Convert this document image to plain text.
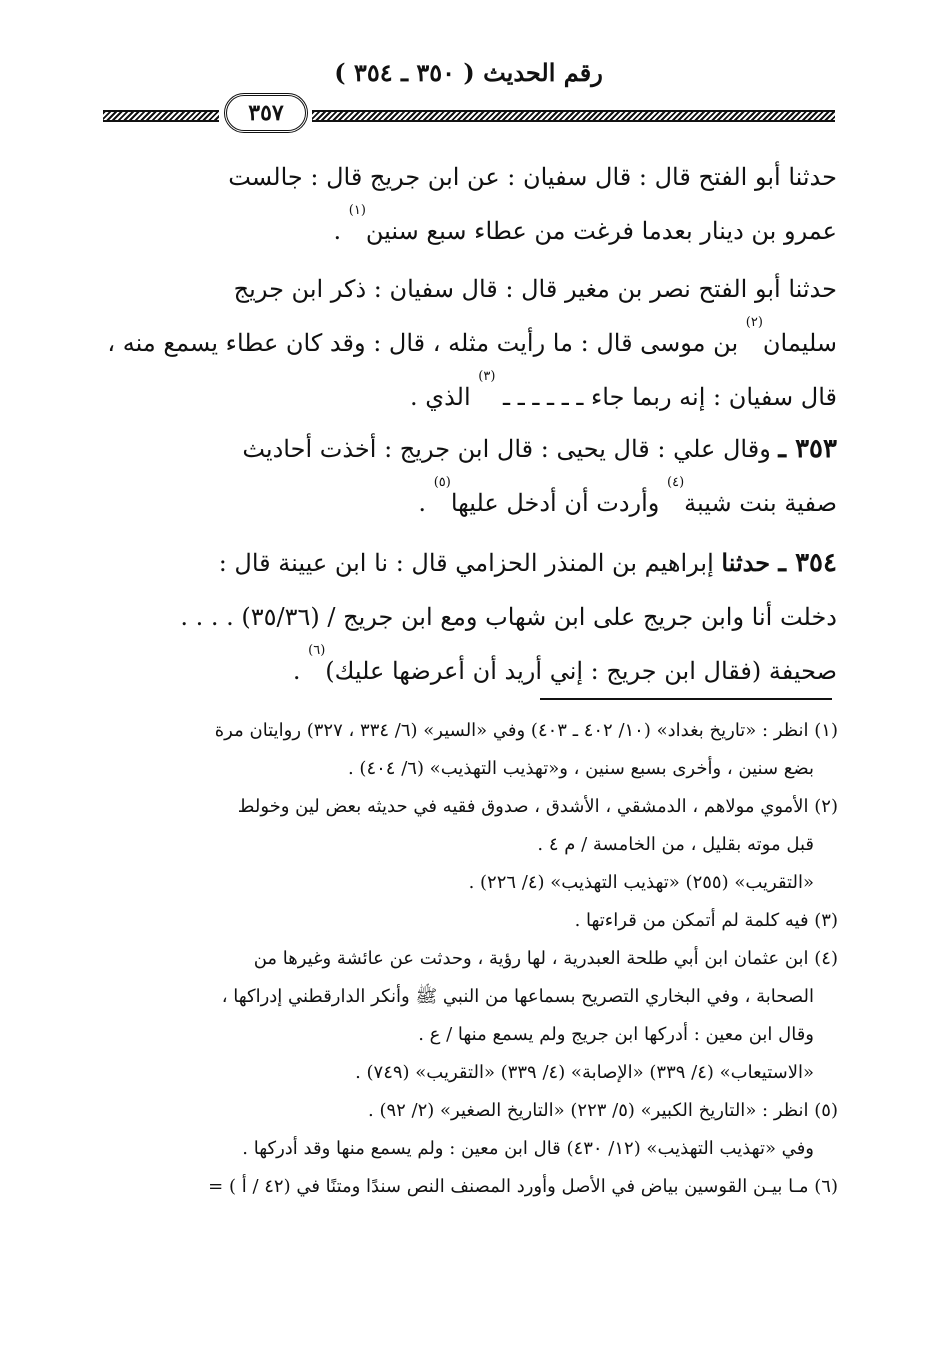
رقم الحديث ( ٣٥٠ ـ ٣٥٤ )
٣٥٧

حدثنا أبو الفتح قال : قال سفيان : عن ابن جريج قال : جالست

عمرو بن دينار بعدما فرغت من عطاء سبع سنين$^{(١)}$ .

حدثنا أبو الفتح نصر بن مغير قال : قال سفيان : ذكر ابن جريج

سليمان$^{(٢)}$ بن موسى قال : ما رأيت مثله ، قال : وقد كان عطاء يسمع منه ،

قال سفيان : إنه ربما جاء ـ ـ ـ ـ ـ ـ $^{(٣)}$ الذي .

٣٥٣ ـ وقال علي : قال يحيى : قال ابن جريج : أخذت أحاديث

صفية بنت شيبة$^{(٤)}$ وأردت أن أدخل عليها$^{(٥)}$ .

٣٥٤ ـ حدثنا إبراهيم بن المنذر الحزامي قال : نا ابن عيينة قال :

دخلت أنا وابن جريج على ابن شهاب ومع ابن جريج / (٣٥/٣٦) . . . .

صحيفة (فقال ابن جريج : إني أريد أن أعرضها عليك)$^{(٦)}$ .

(١) انظر : «تاريخ بغداد» (١٠/ ٤٠٢ ـ ٤٠٣) وفي «السير» (٦/ ٣٣٤ ، ٣٢٧) روايتان مرة
بضع سنين ، وأخرى بسبع سنين ، و«تهذيب التهذيب» (٦/ ٤٠٤) .

(٢) الأموي مولاهم ، الدمشقي ، الأشدق ، صدوق فقيه في حديثه بعض لين وخولط
قبل موته بقليل ، من الخامسة / م ٤ .
«التقريب» (٢٥٥) «تهذيب التهذيب» (٤/ ٢٢٦) .

(٣) فيه كلمة لم أتمكن من قراءتها .

(٤) ابن عثمان ابن أبي طلحة العبدرية ، لها رؤية ، وحدثت عن عائشة وغيرها من
الصحابة ، وفي البخاري التصريح بسماعها من النبي ﷺ وأنكر الدارقطني إدراكها ،
وقال ابن معين : أدركها ابن جريج ولم يسمع منها / ع .
«الاستيعاب» (٤/ ٣٣٩) «الإصابة» (٤/ ٣٣٩) «التقريب» (٧٤٩) .

(٥) انظر : «التاريخ الكبير» (٥/ ٢٢٣) «التاريخ الصغير» (٢/ ٩٢) .
وفي «تهذيب التهذيب» (١٢/ ٤٣٠) قال ابن معين : ولم يسمع منها وقد أدركها .

(٦) مـا بيـن القوسين بياض في الأصل وأورد المصنف النص سندًا ومتنًا في (٤٢ / أ ) =
